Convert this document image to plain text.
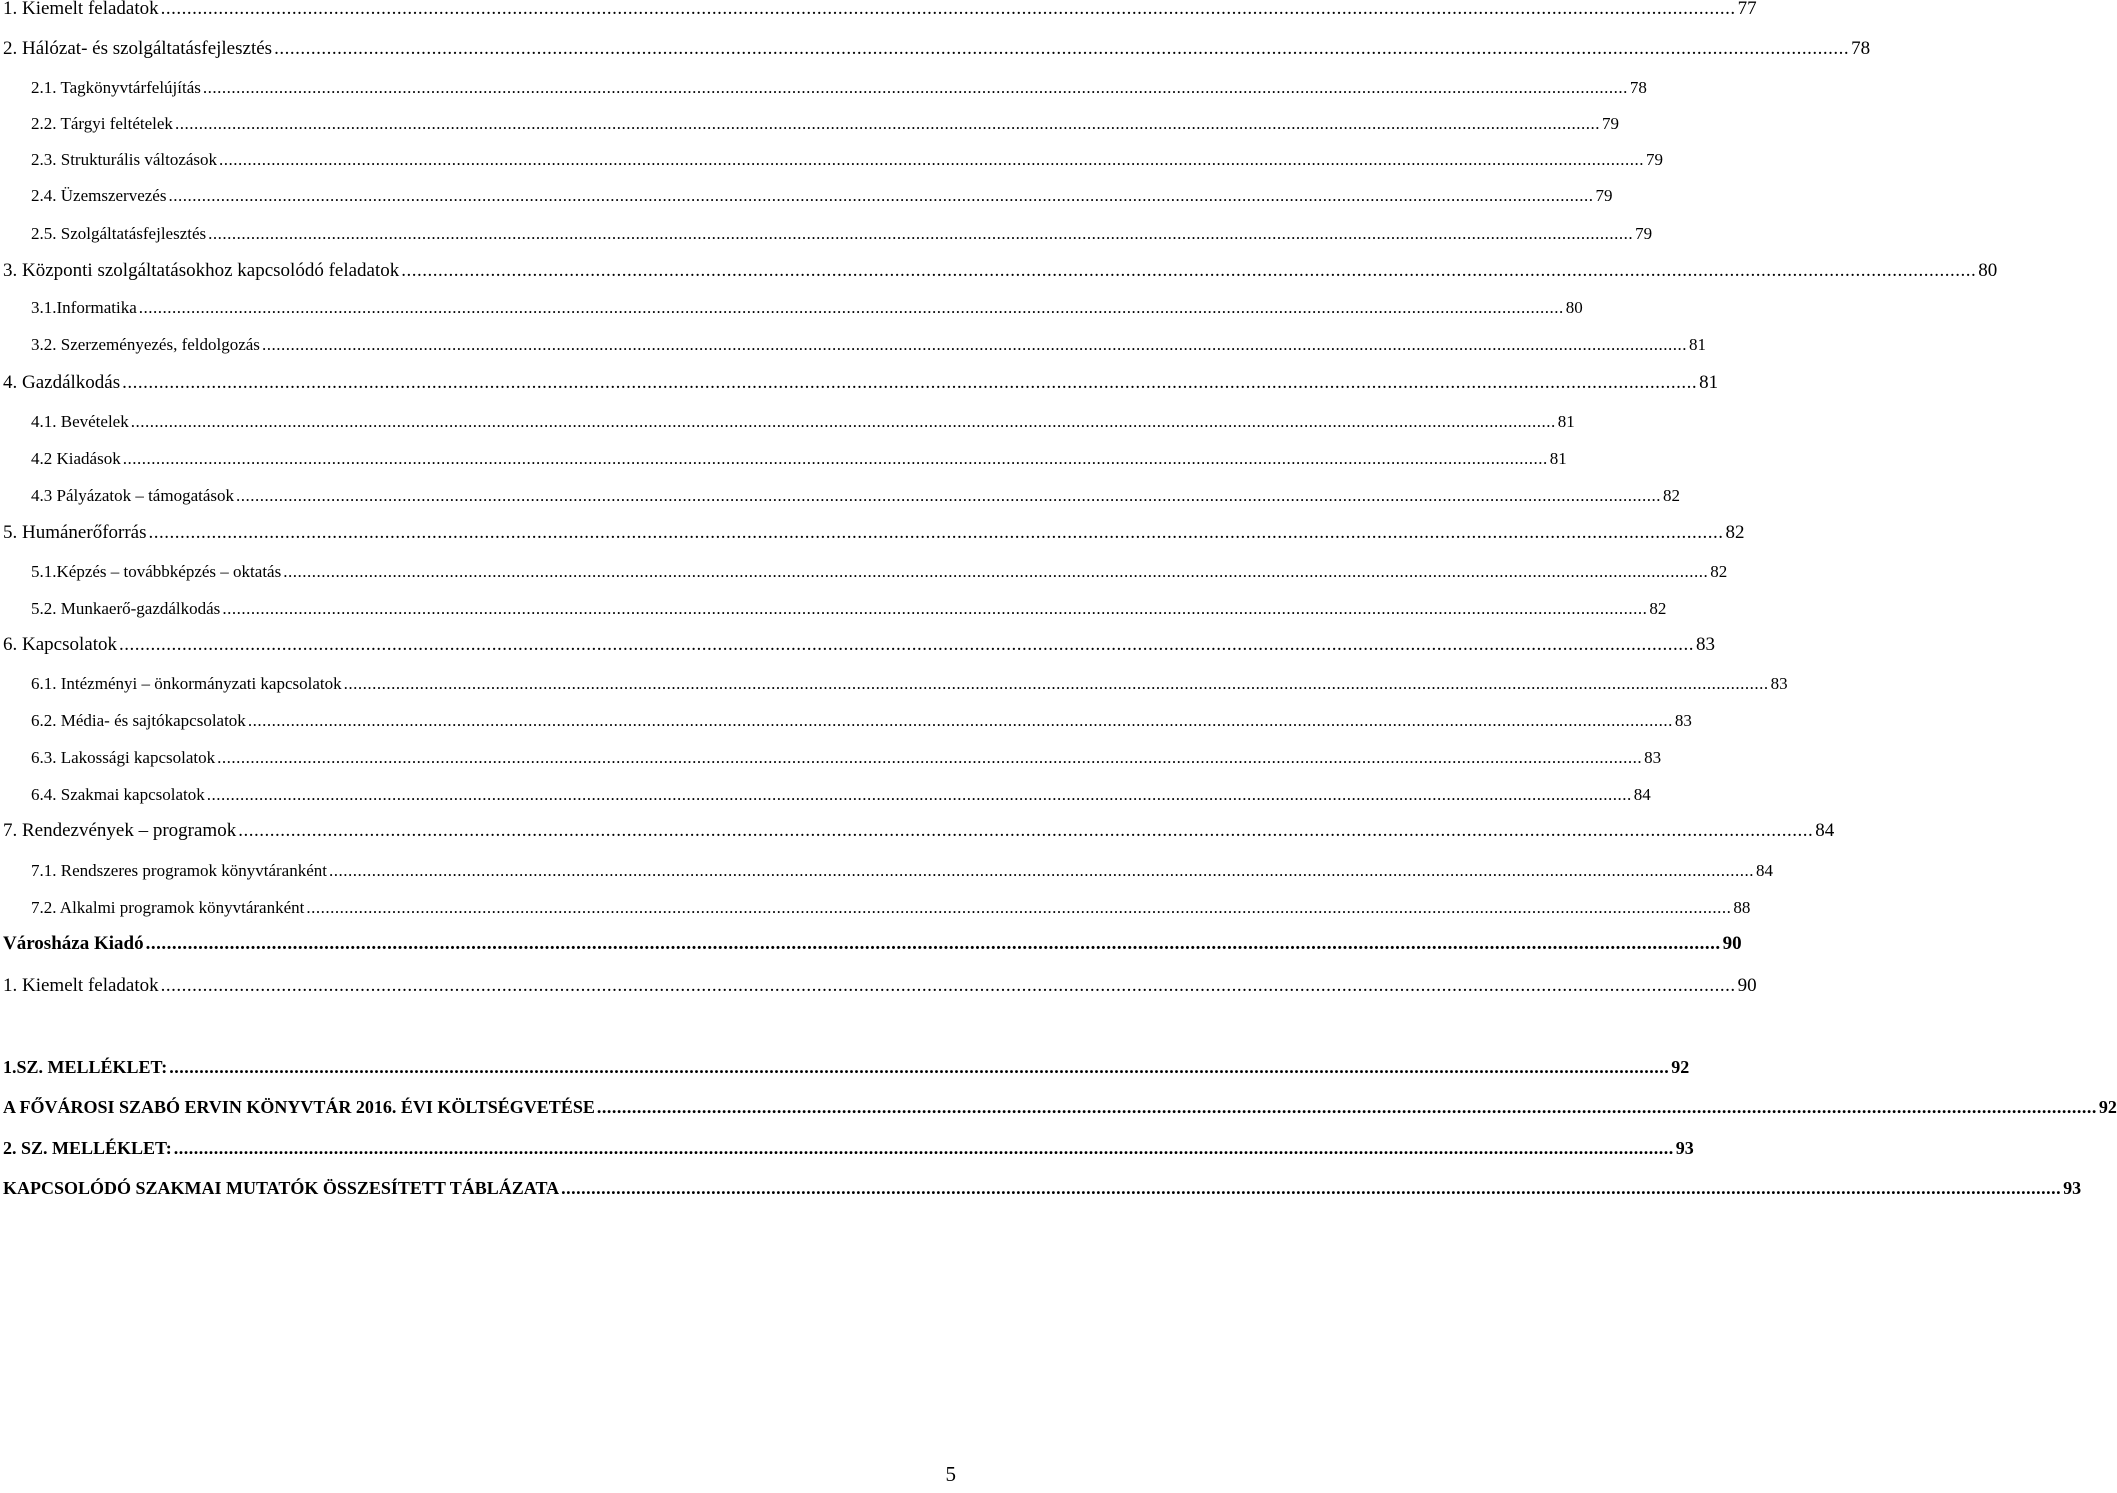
1. Kiemelt feladatok ............................................................................................................................................................................................................................................................................................................ 77
2. Hálózat- és szolgáltatásfejlesztés ............................................................................................................................................................................................................................................................................................................ 78
2.1. Tagkönyvtárfelújítás ............................................................................................................................................................................................................................................................................................................ 78
2.2. Tárgyi feltételek ............................................................................................................................................................................................................................................................................................................ 79
2.3. Strukturális változások ............................................................................................................................................................................................................................................................................................................ 79
2.4. Üzemszervezés ............................................................................................................................................................................................................................................................................................................ 79
2.5. Szolgáltatásfejlesztés ............................................................................................................................................................................................................................................................................................................ 79
3. Központi szolgáltatásokhoz kapcsolódó feladatok ............................................................................................................................................................................................................................................................................................................ 80
3.1.Informatika ............................................................................................................................................................................................................................................................................................................ 80
3.2. Szerzeményezés, feldolgozás ............................................................................................................................................................................................................................................................................................................ 81
4. Gazdálkodás ............................................................................................................................................................................................................................................................................................................ 81
4.1. Bevételek ............................................................................................................................................................................................................................................................................................................ 81
4.2 Kiadások ............................................................................................................................................................................................................................................................................................................ 81
4.3 Pályázatok – támogatások ............................................................................................................................................................................................................................................................................................................ 82
5. Humánerőforrás ............................................................................................................................................................................................................................................................................................................ 82
5.1.Képzés – továbbképzés – oktatás ............................................................................................................................................................................................................................................................................................................ 82
5.2. Munkaerő-gazdálkodás ............................................................................................................................................................................................................................................................................................................ 82
6. Kapcsolatok ............................................................................................................................................................................................................................................................................................................ 83
6.1. Intézményi – önkormányzati kapcsolatok ............................................................................................................................................................................................................................................................................................................ 83
6.2. Média- és sajtókapcsolatok ............................................................................................................................................................................................................................................................................................................ 83
6.3. Lakossági kapcsolatok ............................................................................................................................................................................................................................................................................................................ 83
6.4. Szakmai kapcsolatok ............................................................................................................................................................................................................................................................................................................ 84
7. Rendezvények – programok ............................................................................................................................................................................................................................................................................................................ 84
7.1. Rendszeres programok könyvtáranként ............................................................................................................................................................................................................................................................................................................ 84
7.2. Alkalmi programok könyvtáranként ............................................................................................................................................................................................................................................................................................................ 88
Városháza Kiadó ............................................................................................................................................................................................................................................................................................................ 90
1. Kiemelt feladatok ............................................................................................................................................................................................................................................................................................................ 90
1.SZ. MELLÉKLET: ............................................................................................................................................................................................................................................................................................................ 92
A FŐVÁROSI SZABÓ ERVIN KÖNYVTÁR 2016. ÉVI KÖLTSÉGVETÉSE ............................................................................................................................................................................................................................................................................................................ 92
2. SZ. MELLÉKLET: ............................................................................................................................................................................................................................................................................................................ 93
KAPCSOLÓDÓ SZAKMAI MUTATÓK ÖSSZESÍTETT TÁBLÁZATA ............................................................................................................................................................................................................................................................................................................ 93
5
